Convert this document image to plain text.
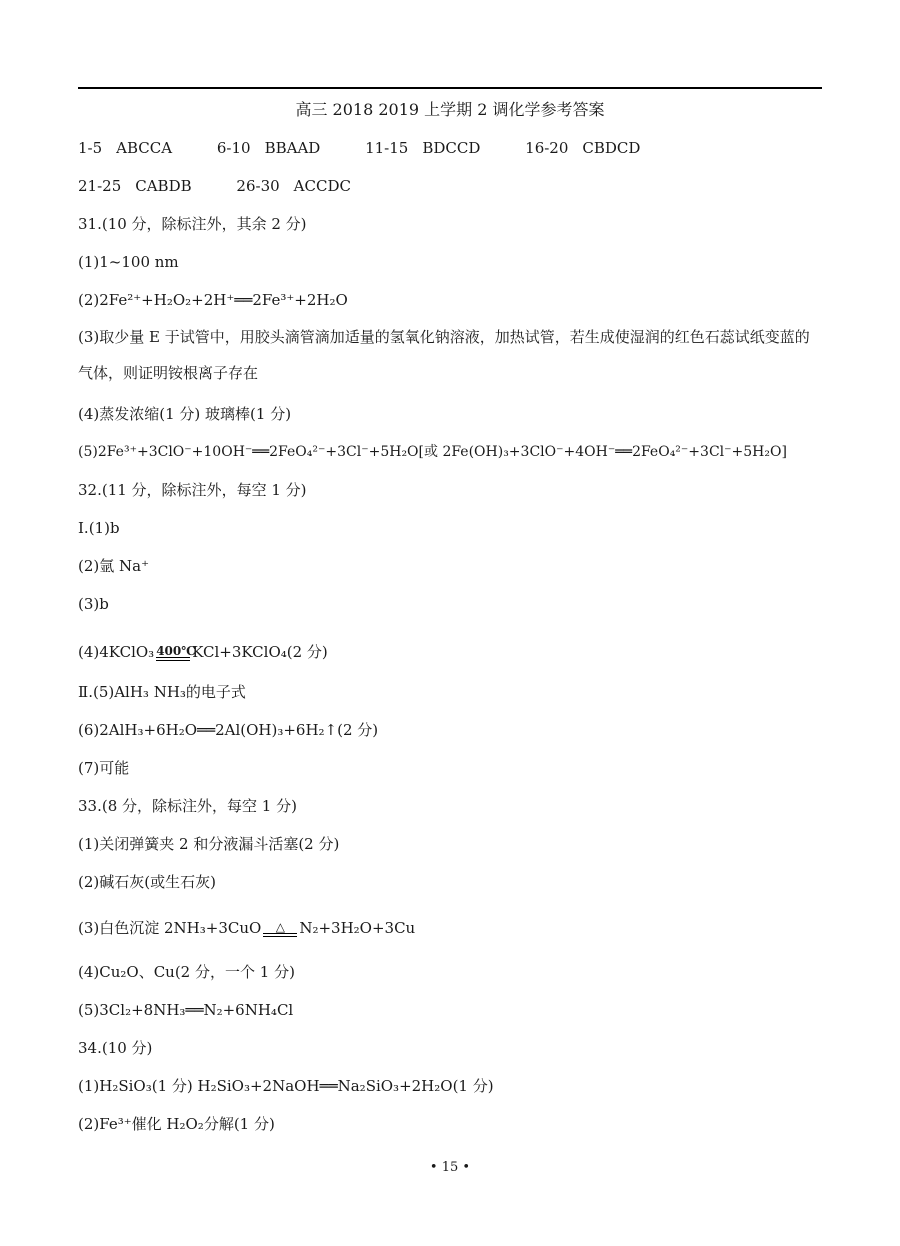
高三 2018 2019 上学期 2 调化学参考答案
1-5 ABCCA	6-10 BBAAD	11-15 BDCCD	16-20 CBDCD
21-25 CABDB	26-30 ACCDC
31.(10 分，除标注外，其余 2 分)
(1)1~100 nm
(2)2Fe²⁺+H₂O₂+2H⁺══2Fe³⁺+2H₂O
(3)取少量 E 于试管中，用胶头滴管滴加适量的氢氧化钠溶液，加热试管，若生成使湿润的红色石蕊试纸变蓝的气体，则证明铵根离子存在
(4)蒸发浓缩(1 分) 玻璃棒(1 分)
(5)2Fe³⁺+3ClO⁻+10OH⁻══2FeO₄²⁻+3Cl⁻+5H₂O[或 2Fe(OH)₃+3ClO⁻+4OH⁻══2FeO₄²⁻+3Cl⁻+5H₂O]
32.(11 分，除标注外，每空 1 分)
Ⅰ.(1)b
(2)氩 Na⁺
(3)b
(4)4KClO₃ 400℃
KCl+3KClO₄(2 分)
Ⅱ.(5)AlH₃ NH₃的电子式
(6)2AlH₃+6H₂O══2Al(OH)₃+6H₂↑(2 分)
(7)可能
33.(8 分，除标注外，每空 1 分)
(1)关闭弹簧夹 2 和分液漏斗活塞(2 分)
(2)碱石灰(或生石灰)
(3)白色沉淀 2NH₃+3CuO	△ N₂+3H₂O+3Cu
(4)Cu₂O、Cu(2 分，一个 1 分)
(5)3Cl₂+8NH₃══N₂+6NH₄Cl
34.(10 分)
(1)H₂SiO₃(1 分) H₂SiO₃+2NaOH══Na₂SiO₃+2H₂O(1 分)
(2)Fe³⁺催化 H₂O₂分解(1 分)
• 15 •
